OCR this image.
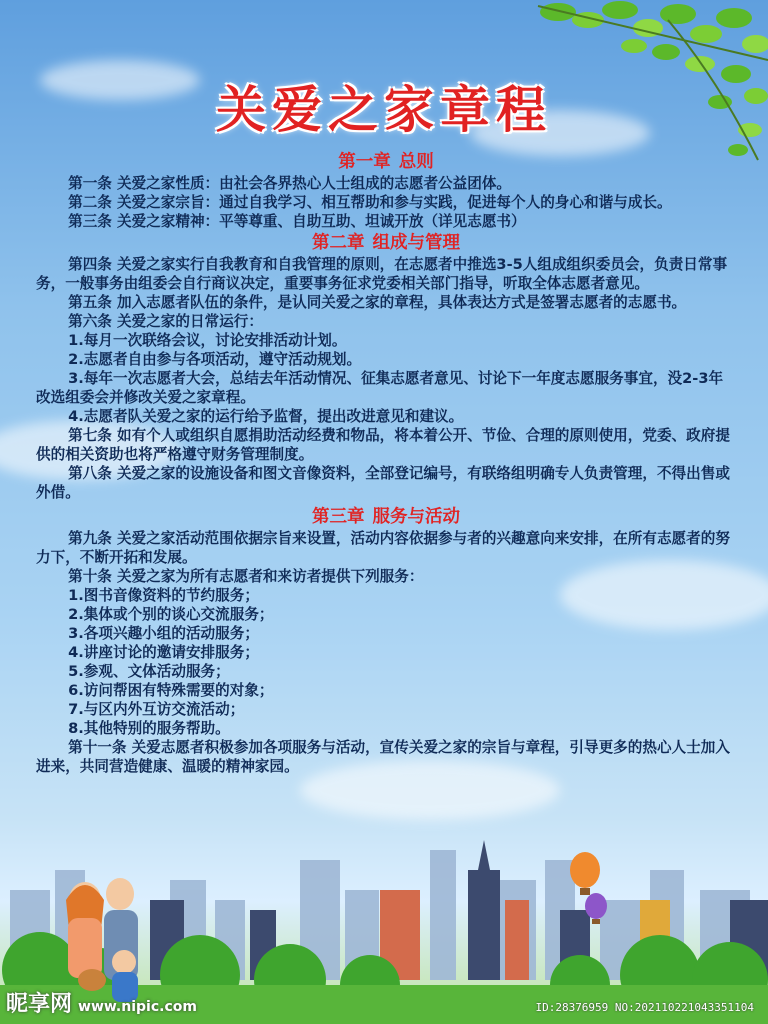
关爱之家章程
第一章 总则

第一条 关爱之家性质：由社会各界热心人士组成的志愿者公益团体。

第二条 关爱之家宗旨：通过自我学习、相互帮助和参与实践，促进每个人的身心和谐与成长。

第三条 关爱之家精神：平等尊重、自助互助、坦诚开放（详见志愿书）

第二章 组成与管理

第四条 关爱之家实行自我教育和自我管理的原则，在志愿者中推选3-5人组成组织委员会，负责日常事务，一般事务由组委会自行商议决定，重要事务征求党委相关部门指导，听取全体志愿者意见。

第五条 加入志愿者队伍的条件，是认同关爱之家的章程，具体表达方式是签署志愿者的志愿书。

第六条 关爱之家的日常运行：

1.每月一次联络会议，讨论安排活动计划。

2.志愿者自由参与各项活动，遵守活动规划。

3.每年一次志愿者大会，总结去年活动情况、征集志愿者意见、讨论下一年度志愿服务事宜，没2-3年改选组委会并修改关爱之家章程。

4.志愿者队关爱之家的运行给予监督，提出改进意见和建议。

第七条 如有个人或组织自愿捐助活动经费和物品，将本着公开、节俭、合理的原则使用，党委、政府提供的相关资助也将严格遵守财务管理制度。

第八条 关爱之家的设施设备和图文音像资料，全部登记编号，有联络组明确专人负责管理，不得出售或外借。

第三章 服务与活动

第九条 关爱之家活动范围依据宗旨来设置，活动内容依据参与者的兴趣意向来安排，在所有志愿者的努力下，不断开拓和发展。

第十条 关爱之家为所有志愿者和来访者提供下列服务：

1.图书音像资料的节约服务；

2.集体或个别的谈心交流服务；

3.各项兴趣小组的活动服务；

4.讲座讨论的邀请安排服务；

5.参观、文体活动服务；

6.访问帮困有特殊需要的对象；

7.与区内外互访交流活动；

8.其他特别的服务帮助。

第十一条 关爱志愿者积极参加各项服务与活动，宣传关爱之家的宗旨与章程，引导更多的热心人士加入进来，共同营造健康、温暖的精神家园。

昵享网 www.nipic.com	ID:28376959 NO:20211022104335110​4
